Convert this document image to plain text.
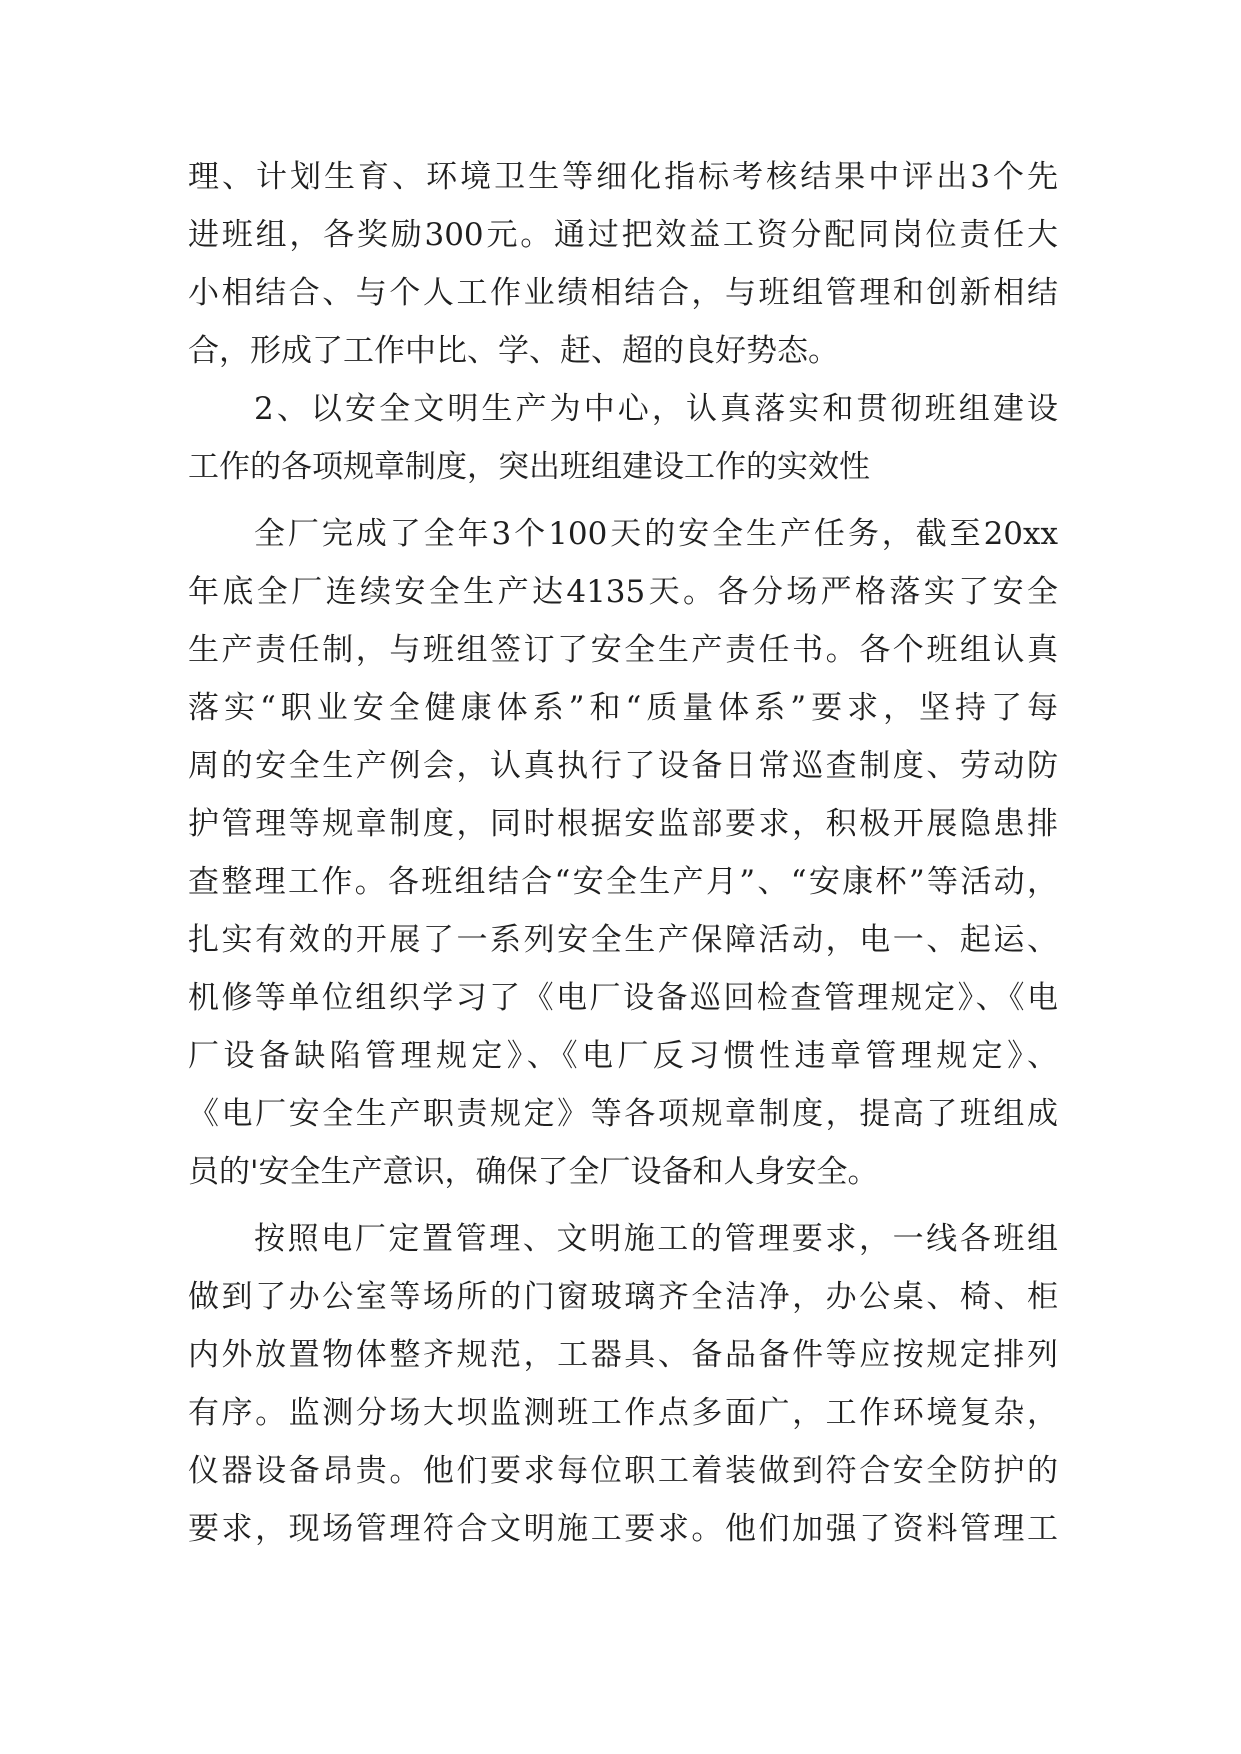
理、计划生育、环境卫生等细化指标考核结果中评出3个先
进班组，各奖励300元。通过把效益工资分配同岗位责任大
小相结合、与个人工作业绩相结合，与班组管理和创新相结
合，形成了工作中比、学、赶、超的良好势态。
2、以安全文明生产为中心，认真落实和贯彻班组建设
工作的各项规章制度，突出班组建设工作的实效性
全厂完成了全年3个100天的安全生产任务，截至20xx
年底全厂连续安全生产达4135天。各分场严格落实了安全
生产责任制，与班组签订了安全生产责任书。各个班组认真
落实“职业安全健康体系”和“质量体系”要求，坚持了每
周的安全生产例会，认真执行了设备日常巡查制度、劳动防
护管理等规章制度，同时根据安监部要求，积极开展隐患排
查整理工作。各班组结合“安全生产月”、“安康杯”等活动，
扎实有效的开展了一系列安全生产保障活动，电一、起运、
机修等单位组织学习了《电厂设备巡回检查管理规定》、《电
厂设备缺陷管理规定》、《电厂反习惯性违章管理规定》、
《电厂安全生产职责规定》等各项规章制度，提高了班组成
员的'安全生产意识，确保了全厂设备和人身安全。
按照电厂定置管理、文明施工的管理要求，一线各班组
做到了办公室等场所的门窗玻璃齐全洁净，办公桌、椅、柜
内外放置物体整齐规范，工器具、备品备件等应按规定排列
有序。监测分场大坝监测班工作点多面广，工作环境复杂，
仪器设备昂贵。他们要求每位职工着装做到符合安全防护的
要求，现场管理符合文明施工要求。他们加强了资料管理工
